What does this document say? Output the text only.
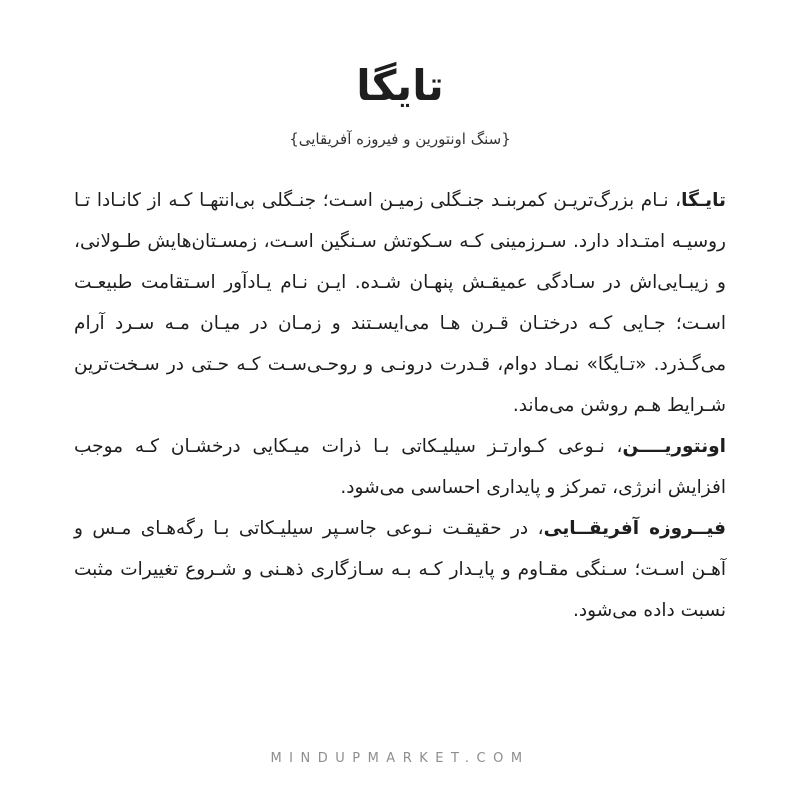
تایگا
{سنگ اونتورین و فیروزه آفریقایی}

تایـگا، نـام بزرگ‌تریـن کمربنـد جنـگلی زمیـن اسـت؛ جنـگلی بی‌انتهـا کـه از کانـادا تـا روسیـه امتـداد دارد. سـرزمینی کـه سـکوتش سـنگین اسـت، زمسـتان‌هایش طـولانی، و زیبـایی‌اش در سـادگی عمیقـش پنهـان شـده. ایـن نـام یـادآور اسـتقامت طبیعـت اسـت؛ جـایی کـه درختـان قـرن هـا می‌ایسـتند و زمـان در میـان مـه سـرد آرام می‌گـذرد. «تـایگا» نمـاد دوام، قـدرت درونـی و روحـی‌سـت کـه حـتی در سـخت‌ترین شـرایط هـم روشن می‌ماند.

اونتوریــــن، نـوعی کـوارتـز سیلیـکاتی بـا ذرات میـکایی درخشـان کـه موجب افزایش انرژی، تمرکز و پایداری احساسی می‌شود.

فیــروزه آفریقــایی، در حقیقـت نـوعی جاسـپر سیلیـکاتی بـا رگه‌هـای مـس و آهـن اسـت؛ سـنگی مقـاوم و پایـدار کـه بـه سـازگاری ذهـنی و شـروع تغییرات مثبت نسبت داده می‌شود.

MINDUPMARKET.COM
